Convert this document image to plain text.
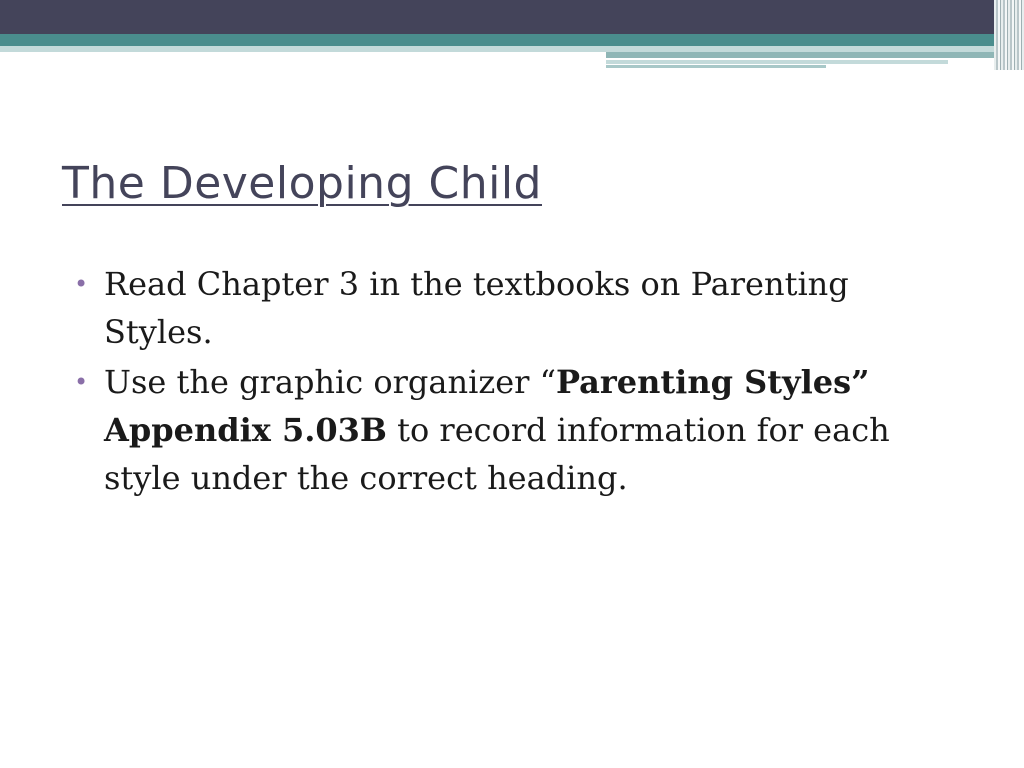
The Developing Child
• Read Chapter 3 in the textbooks on Parenting Styles.
• Use the graphic organizer “Parenting Styles” Appendix 5.03B to record information for each style under the correct heading.
